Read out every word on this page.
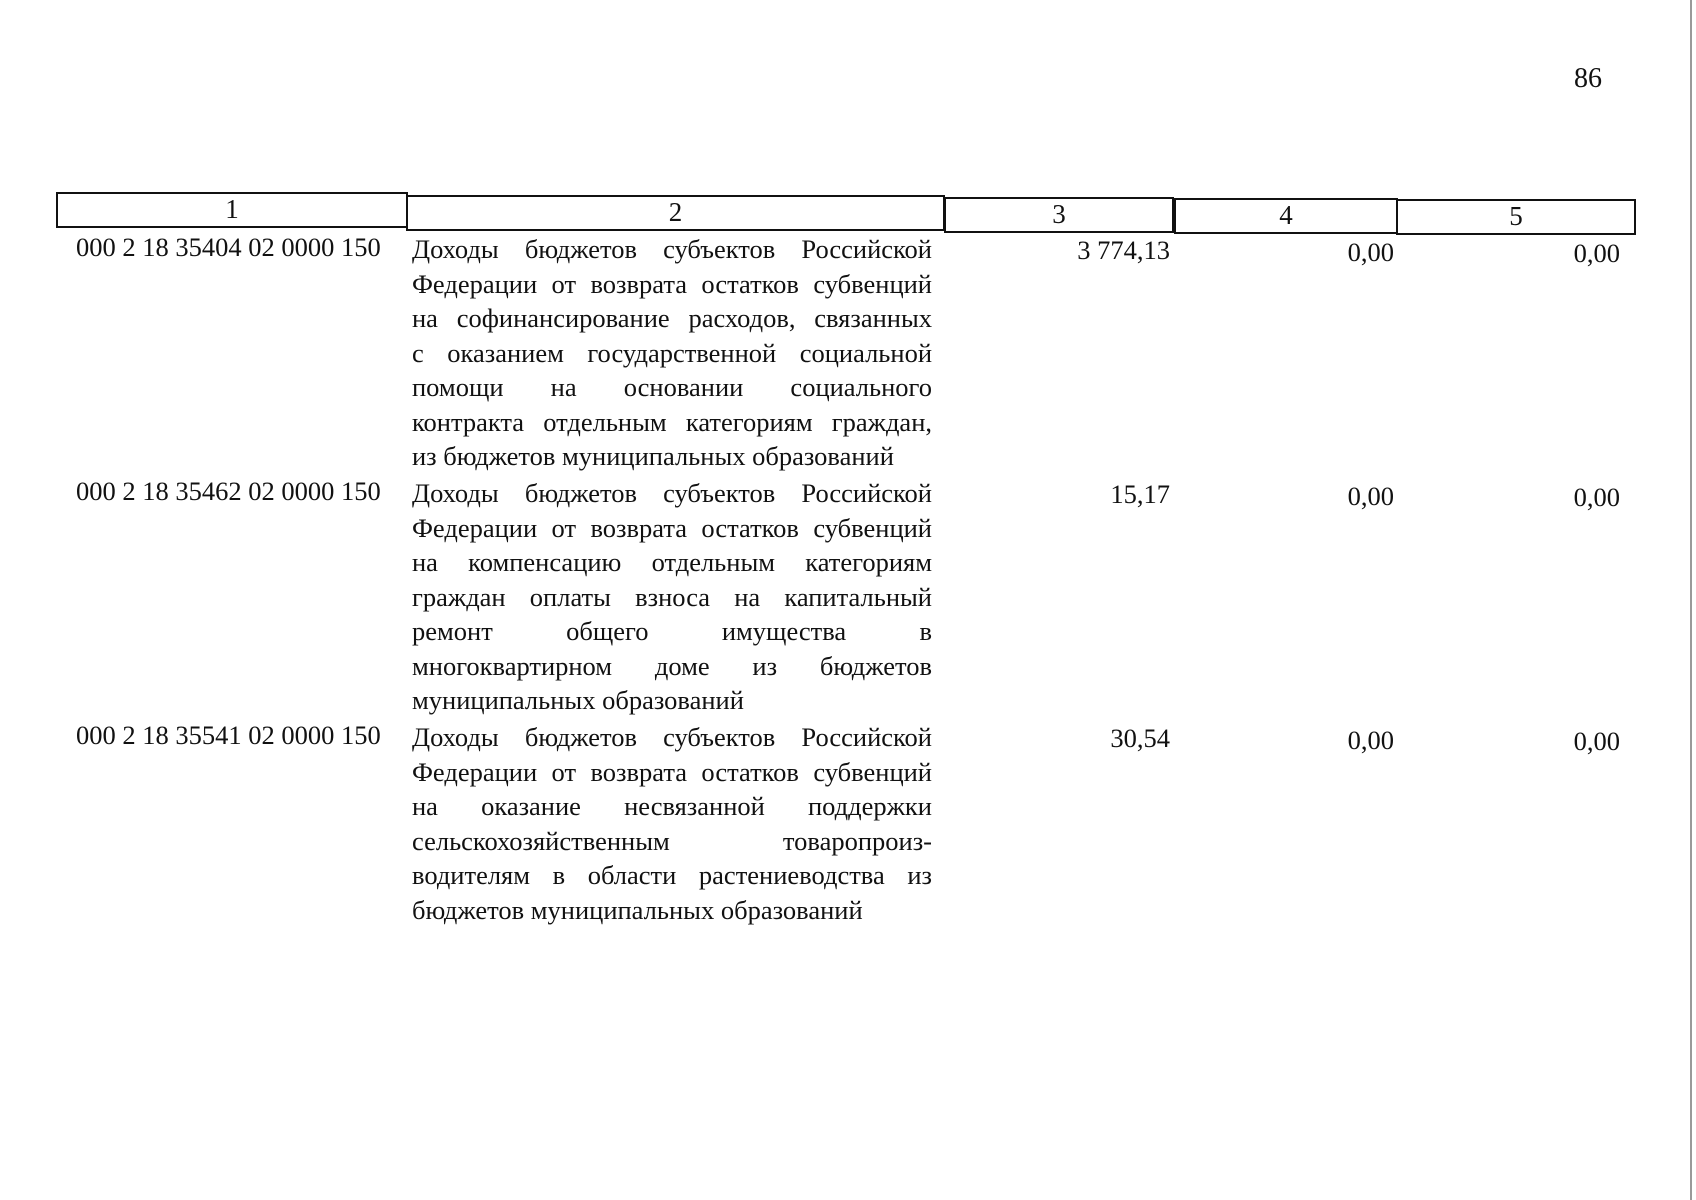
86
1	2	3	4	5
000 2 18 35404 02 0000 150	Доходы бюджетов субъектов Российской
Федерации от возврата остатков субвенций
на софинансирование расходов, связанных
с оказанием государственной социальной
помощи на основании социального
контракта отдельным категориям граждан,
из бюджетов муниципальных образований
3 774,13	0,00	0,00
000 2 18 35462 02 0000 150	Доходы бюджетов субъектов Российской
Федерации от возврата остатков субвенций
на компенсацию отдельным категориям
граждан оплаты взноса на капитальный
ремонт общего имущества в
многоквартирном доме из бюджетов
муниципальных образований
15,17	0,00	0,00
000 2 18 35541 02 0000 150	Доходы бюджетов субъектов Российской
Федерации от возврата остатков субвенций
на оказание несвязанной поддержки
сельскохозяйственным товаропроиз-
водителям в области растениеводства из
бюджетов муниципальных образований
30,54	0,00	0,00
